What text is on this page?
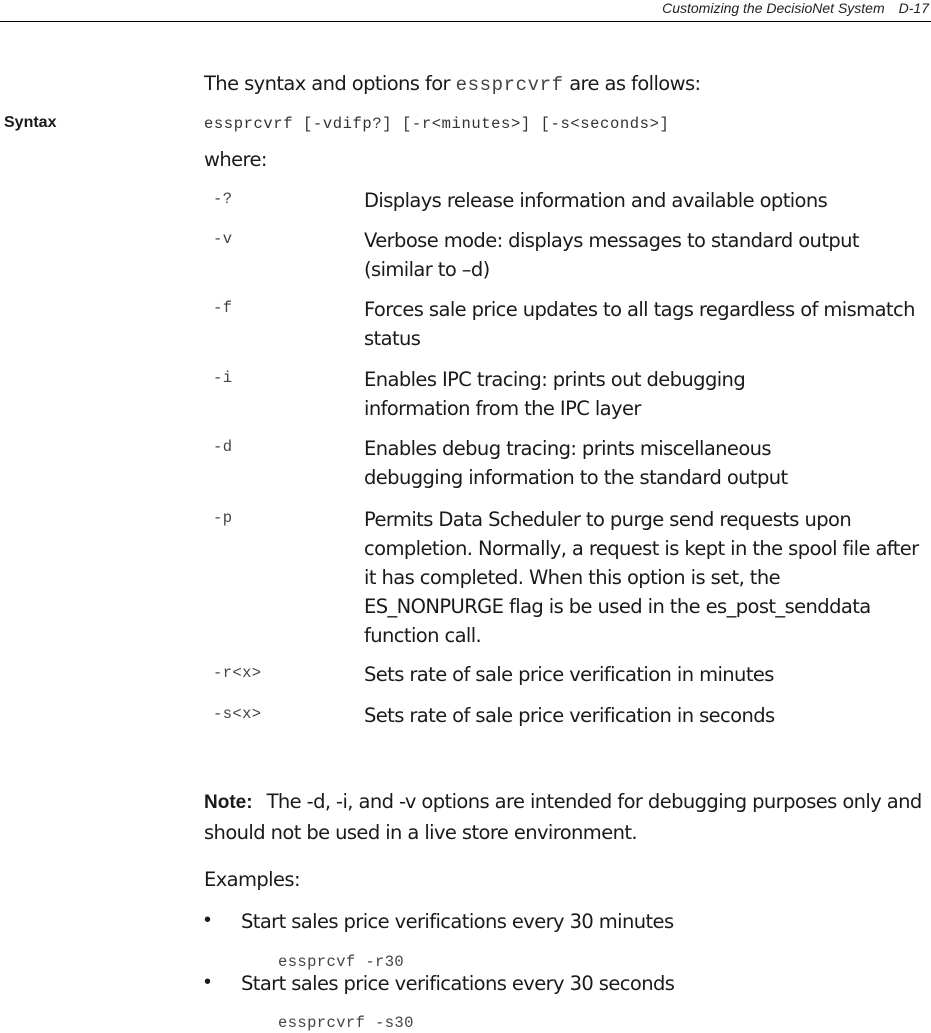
Customizing the DecisioNet System D-17
The syntax and options for essprcvrf are as follows:
Syntax	essprcvrf [-vdifp?] [-r<minutes>] [-s<seconds>]
where:
-?	Displays release information and available options
-v	Verbose mode: displays messages to standard output (similar to –d)
-f	Forces sale price updates to all tags regardless of mismatch status
-i	Enables IPC tracing: prints out debugging information from the IPC layer
-d	Enables debug tracing: prints miscellaneous debugging information to the standard output
-p	Permits Data Scheduler to purge send requests upon completion. Normally, a request is kept in the spool file after it has completed. When this option is set, the ES_NONPURGE flag is be used in the es_post_senddata function call.
-r<x>	Sets rate of sale price verification in minutes
-s<x>	Sets rate of sale price verification in seconds
Note: The -d, -i, and -v options are intended for debugging purposes only and should not be used in a live store environment.
Examples:
• Start sales price verifications every 30 minutes
essprcvf -r30
• Start sales price verifications every 30 seconds
essprcvrf -s30
